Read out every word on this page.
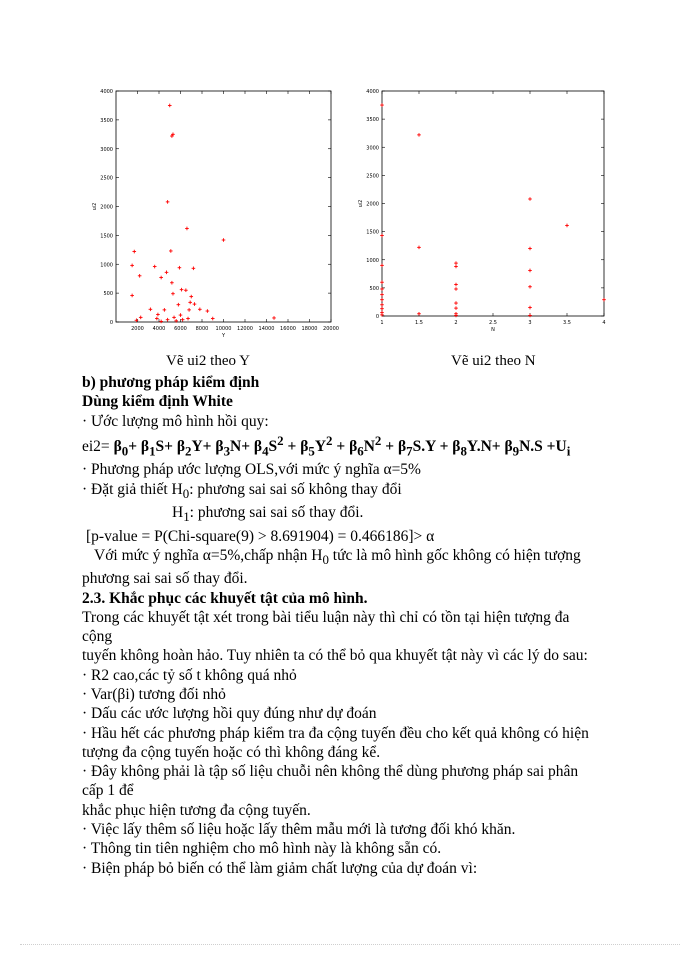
0
500
1000
1500
2000
2500
3000
3500
4000
2000 4000 6000 8000 10000 12000 14000 16000 18000 20000
Y
ui2
0
500
1000
1500
2000
2500
3000
3500
4000
1	1.5	2	2.5	3	3.5	4
N
ui2
Vẽ ui2 theo Y	Vẽ ui2 theo N
b) phương pháp kiểm định
Dùng kiểm định White
· Ước lượng mô hình hồi quy:
$ei2= \beta_0+ \beta_1S+ \beta_2Y+ \beta_3N+ \beta_4S^2 + \beta_5Y^2 + \beta_6N^2 + \beta_7S.Y + \beta_8Y.N+ \beta_9N.S +U_i$
· Phương pháp ước lượng OLS,với mức ý nghĩa α=5%
· Đặt giả thiết $H_0$: phương sai sai số không thay đổi
$H_1$: phương sai sai số thay đổi.
[p-value = P(Chi-square(9) > 8.691904) = 0.466186]> α
Với mức ý nghĩa α=5%,chấp nhận $H_0$ tức là mô hình gốc không có hiện tượng
phương sai sai số thay đổi.
2.3. Khắc phục các khuyết tật của mô hình.
Trong các khuyết tật xét trong bài tiểu luận này thì chỉ có tồn tại hiện tượng đa
cộng
tuyến không hoàn hảo. Tuy nhiên ta có thể bỏ qua khuyết tật này vì các lý do sau:
· R2 cao,các tỷ số t không quá nhỏ
· Var(βi) tương đối nhỏ
· Dấu các ước lượng hồi quy đúng như dự đoán
· Hầu hết các phương pháp kiểm tra đa cộng tuyến đều cho kết quả không có hiện
tượng đa cộng tuyến hoặc có thì không đáng kể.
· Đây không phải là tập số liệu chuỗi nên không thể dùng phương pháp sai phân
cấp 1 để
khắc phục hiện tương đa cộng tuyến.
· Việc lấy thêm số liệu hoặc lấy thêm mẫu mới là tương đối khó khăn.
· Thông tin tiên nghiệm cho mô hình này là không sẵn có.
· Biện pháp bỏ biến có thể làm giảm chất lượng của dự đoán vì:
